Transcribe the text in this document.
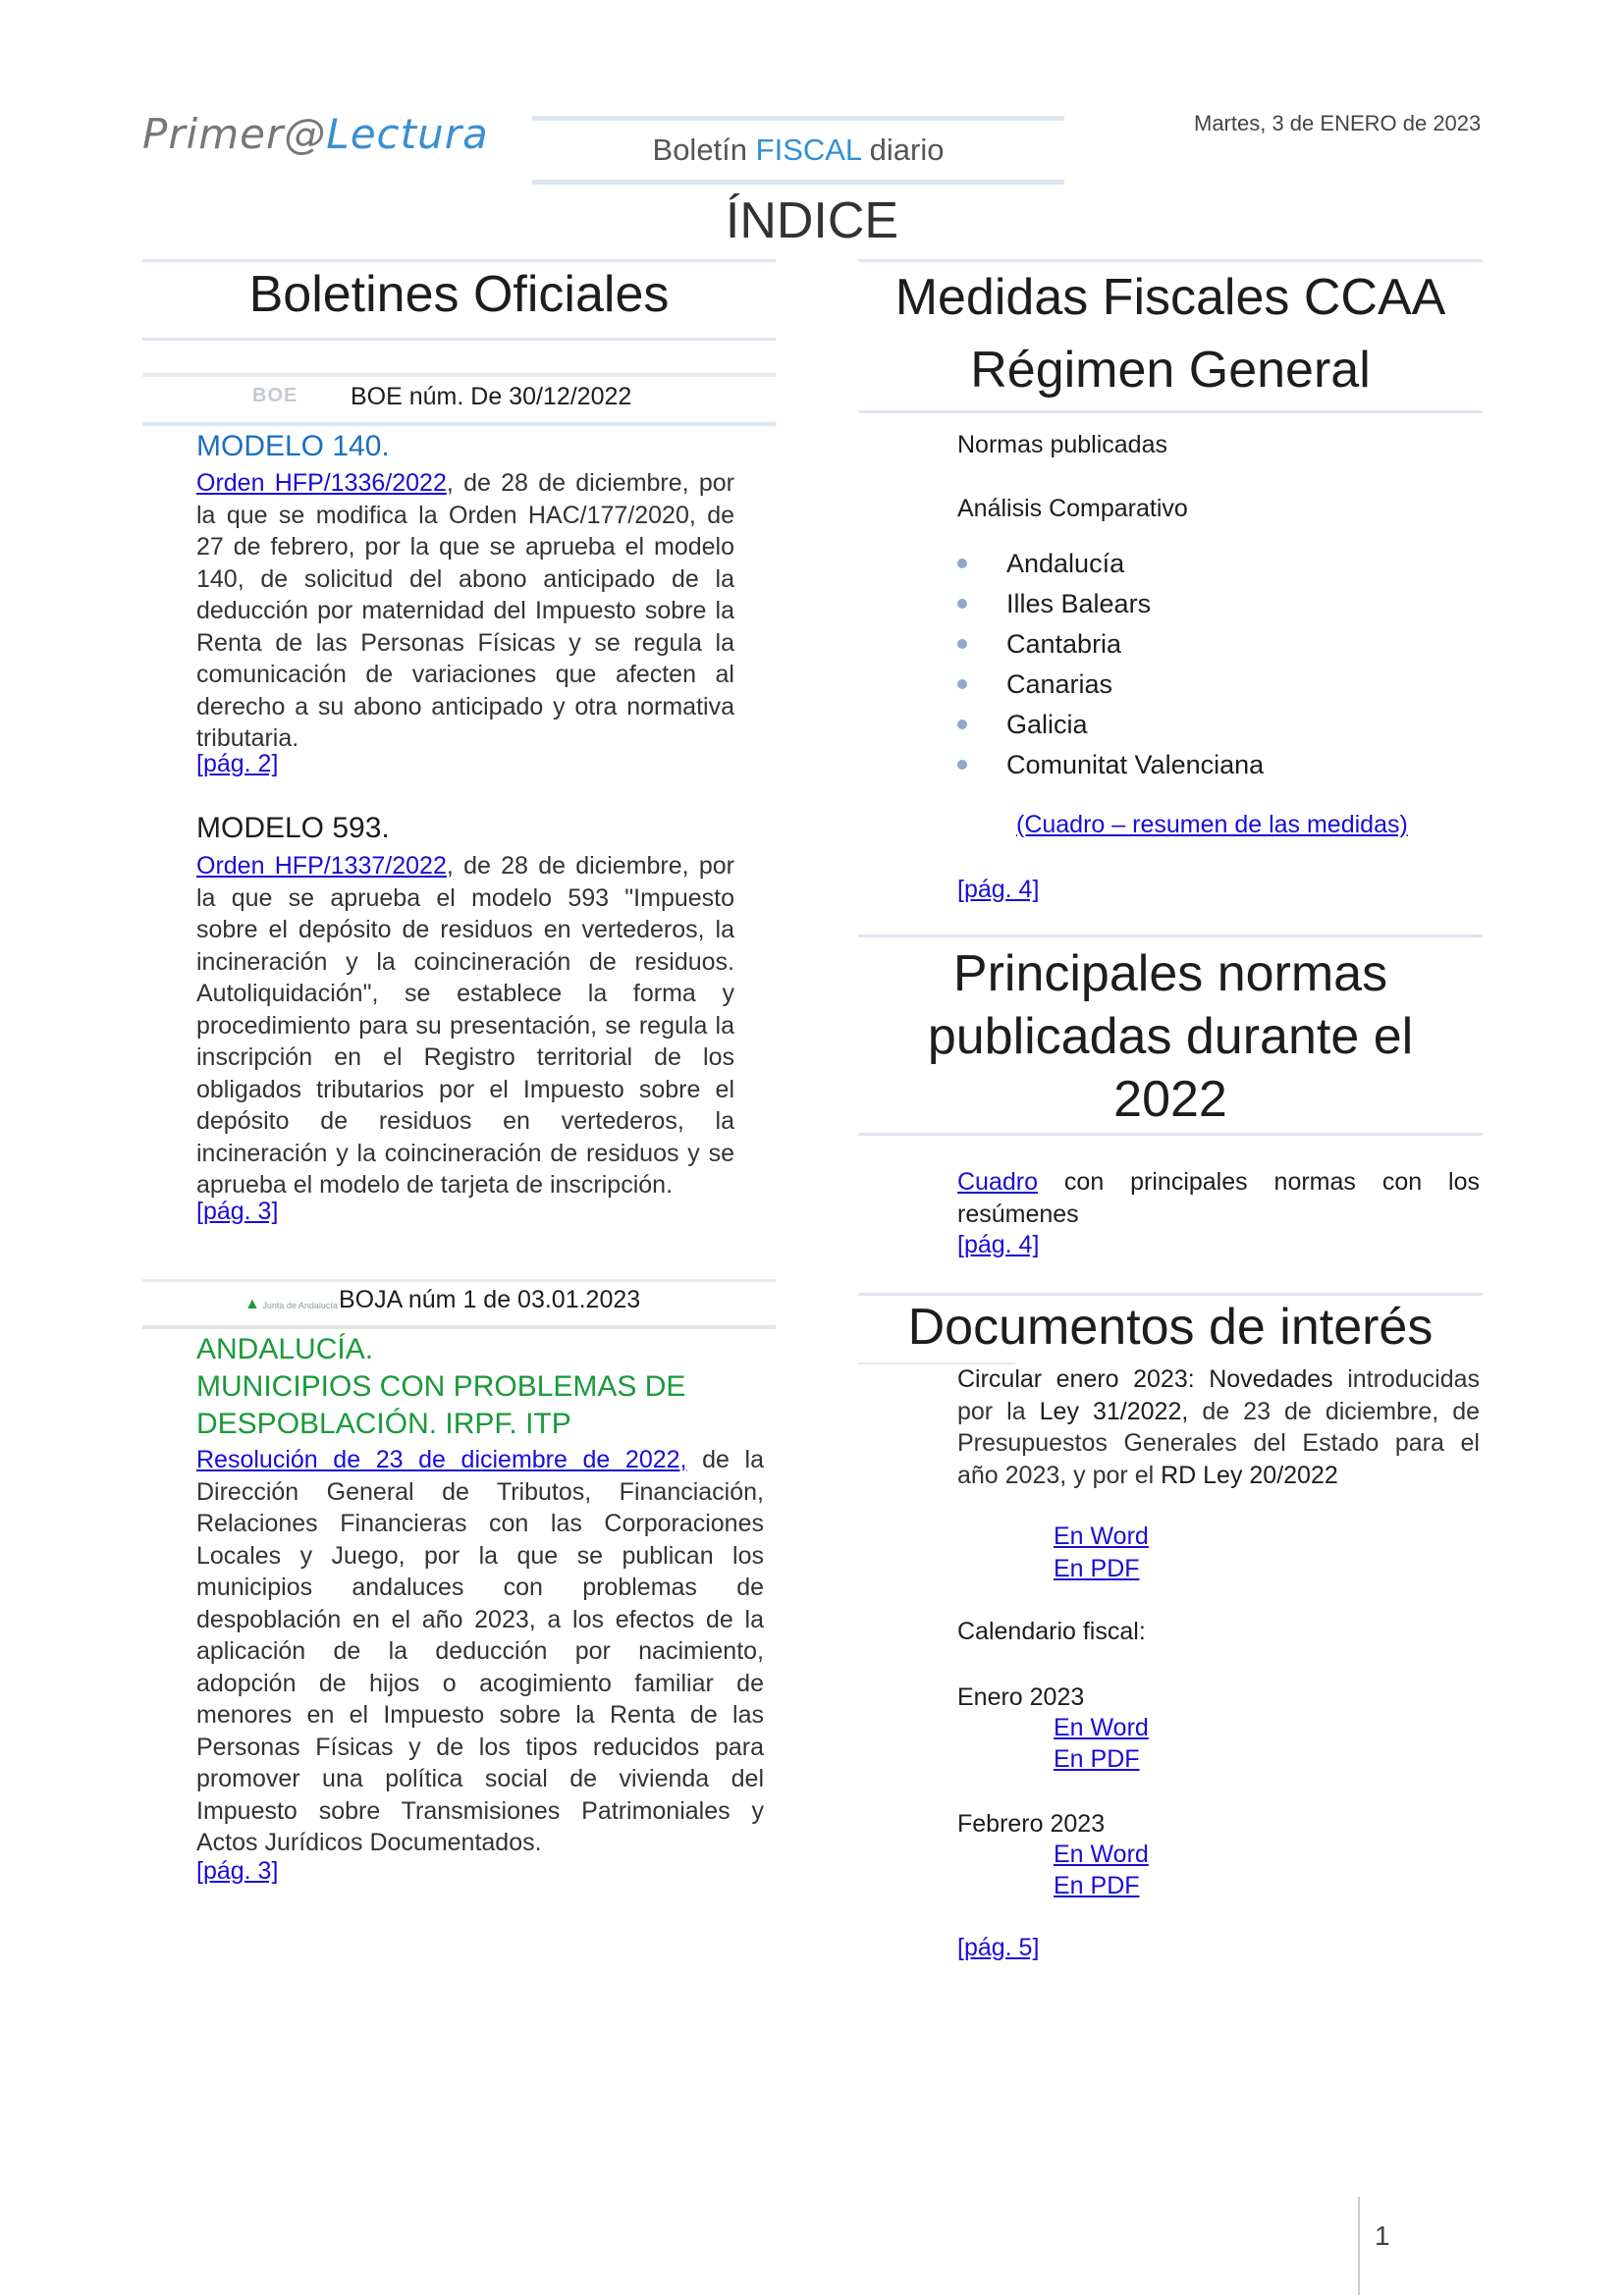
Primer@Lectura	Boletín FISCAL diario
Martes, 3 de ENERO de 2023
ÍNDICE
Boletines Oficiales
BOE BOE núm. De 30/12/2022
MODELO 140.
Orden HFP/1336/2022, de 28 de diciembre, por la que se modifica la Orden HAC/177/2020, de 27 de febrero, por la que se aprueba el modelo 140, de solicitud del abono anticipado de la deducción por maternidad del Impuesto sobre la Renta de las Personas Físicas y se regula la comunicación de variaciones que afecten al derecho a su abono anticipado y otra normativa tributaria.
[pág. 2]
MODELO 593.
Orden HFP/1337/2022, de 28 de diciembre, por la que se aprueba el modelo 593 "Impuesto sobre el depósito de residuos en vertederos, la incineración y la coincineración de residuos. Autoliquidación", se establece la forma y procedimiento para su presentación, se regula la inscripción en el Registro territorial de los obligados tributarios por el Impuesto sobre el depósito de residuos en vertederos, la incineración y la coincineración de residuos y se aprueba el modelo de tarjeta de inscripción.
[pág. 3]
▲ Junta de Andalucía BOJA núm 1 de 03.01.2023
ANDALUCÍA.
MUNICIPIOS CON PROBLEMAS DE DESPOBLACIÓN. IRPF. ITP
Resolución de 23 de diciembre de 2022, de la Dirección General de Tributos, Financiación, Relaciones Financieras con las Corporaciones Locales y Juego, por la que se publican los municipios andaluces con problemas de despoblación en el año 2023, a los efectos de la aplicación de la deducción por nacimiento, adopción de hijos o acogimiento familiar de menores en el Impuesto sobre la Renta de las Personas Físicas y de los tipos reducidos para promover una política social de vivienda del Impuesto sobre Transmisiones Patrimoniales y Actos Jurídicos Documentados.
[pág. 3]
Medidas Fiscales CCAA
Régimen General
Normas publicadas
Análisis Comparativo
Andalucía
Illes Balears
Cantabria
Canarias
Galicia
Comunitat Valenciana
(Cuadro – resumen de las medidas)
[pág. 4]
Principales normas
publicadas durante el
2022
Cuadro con principales normas con los resúmenes
[pág. 4]
Documentos de interés
Circular enero 2023: Novedades introducidas por la Ley 31/2022, de 23 de diciembre, de Presupuestos Generales del Estado para el año 2023, y por el RD Ley 20/2022
En Word
En PDF
Calendario fiscal:
Enero 2023
En Word
En PDF
Febrero 2023
En Word
En PDF
[pág. 5]
1
